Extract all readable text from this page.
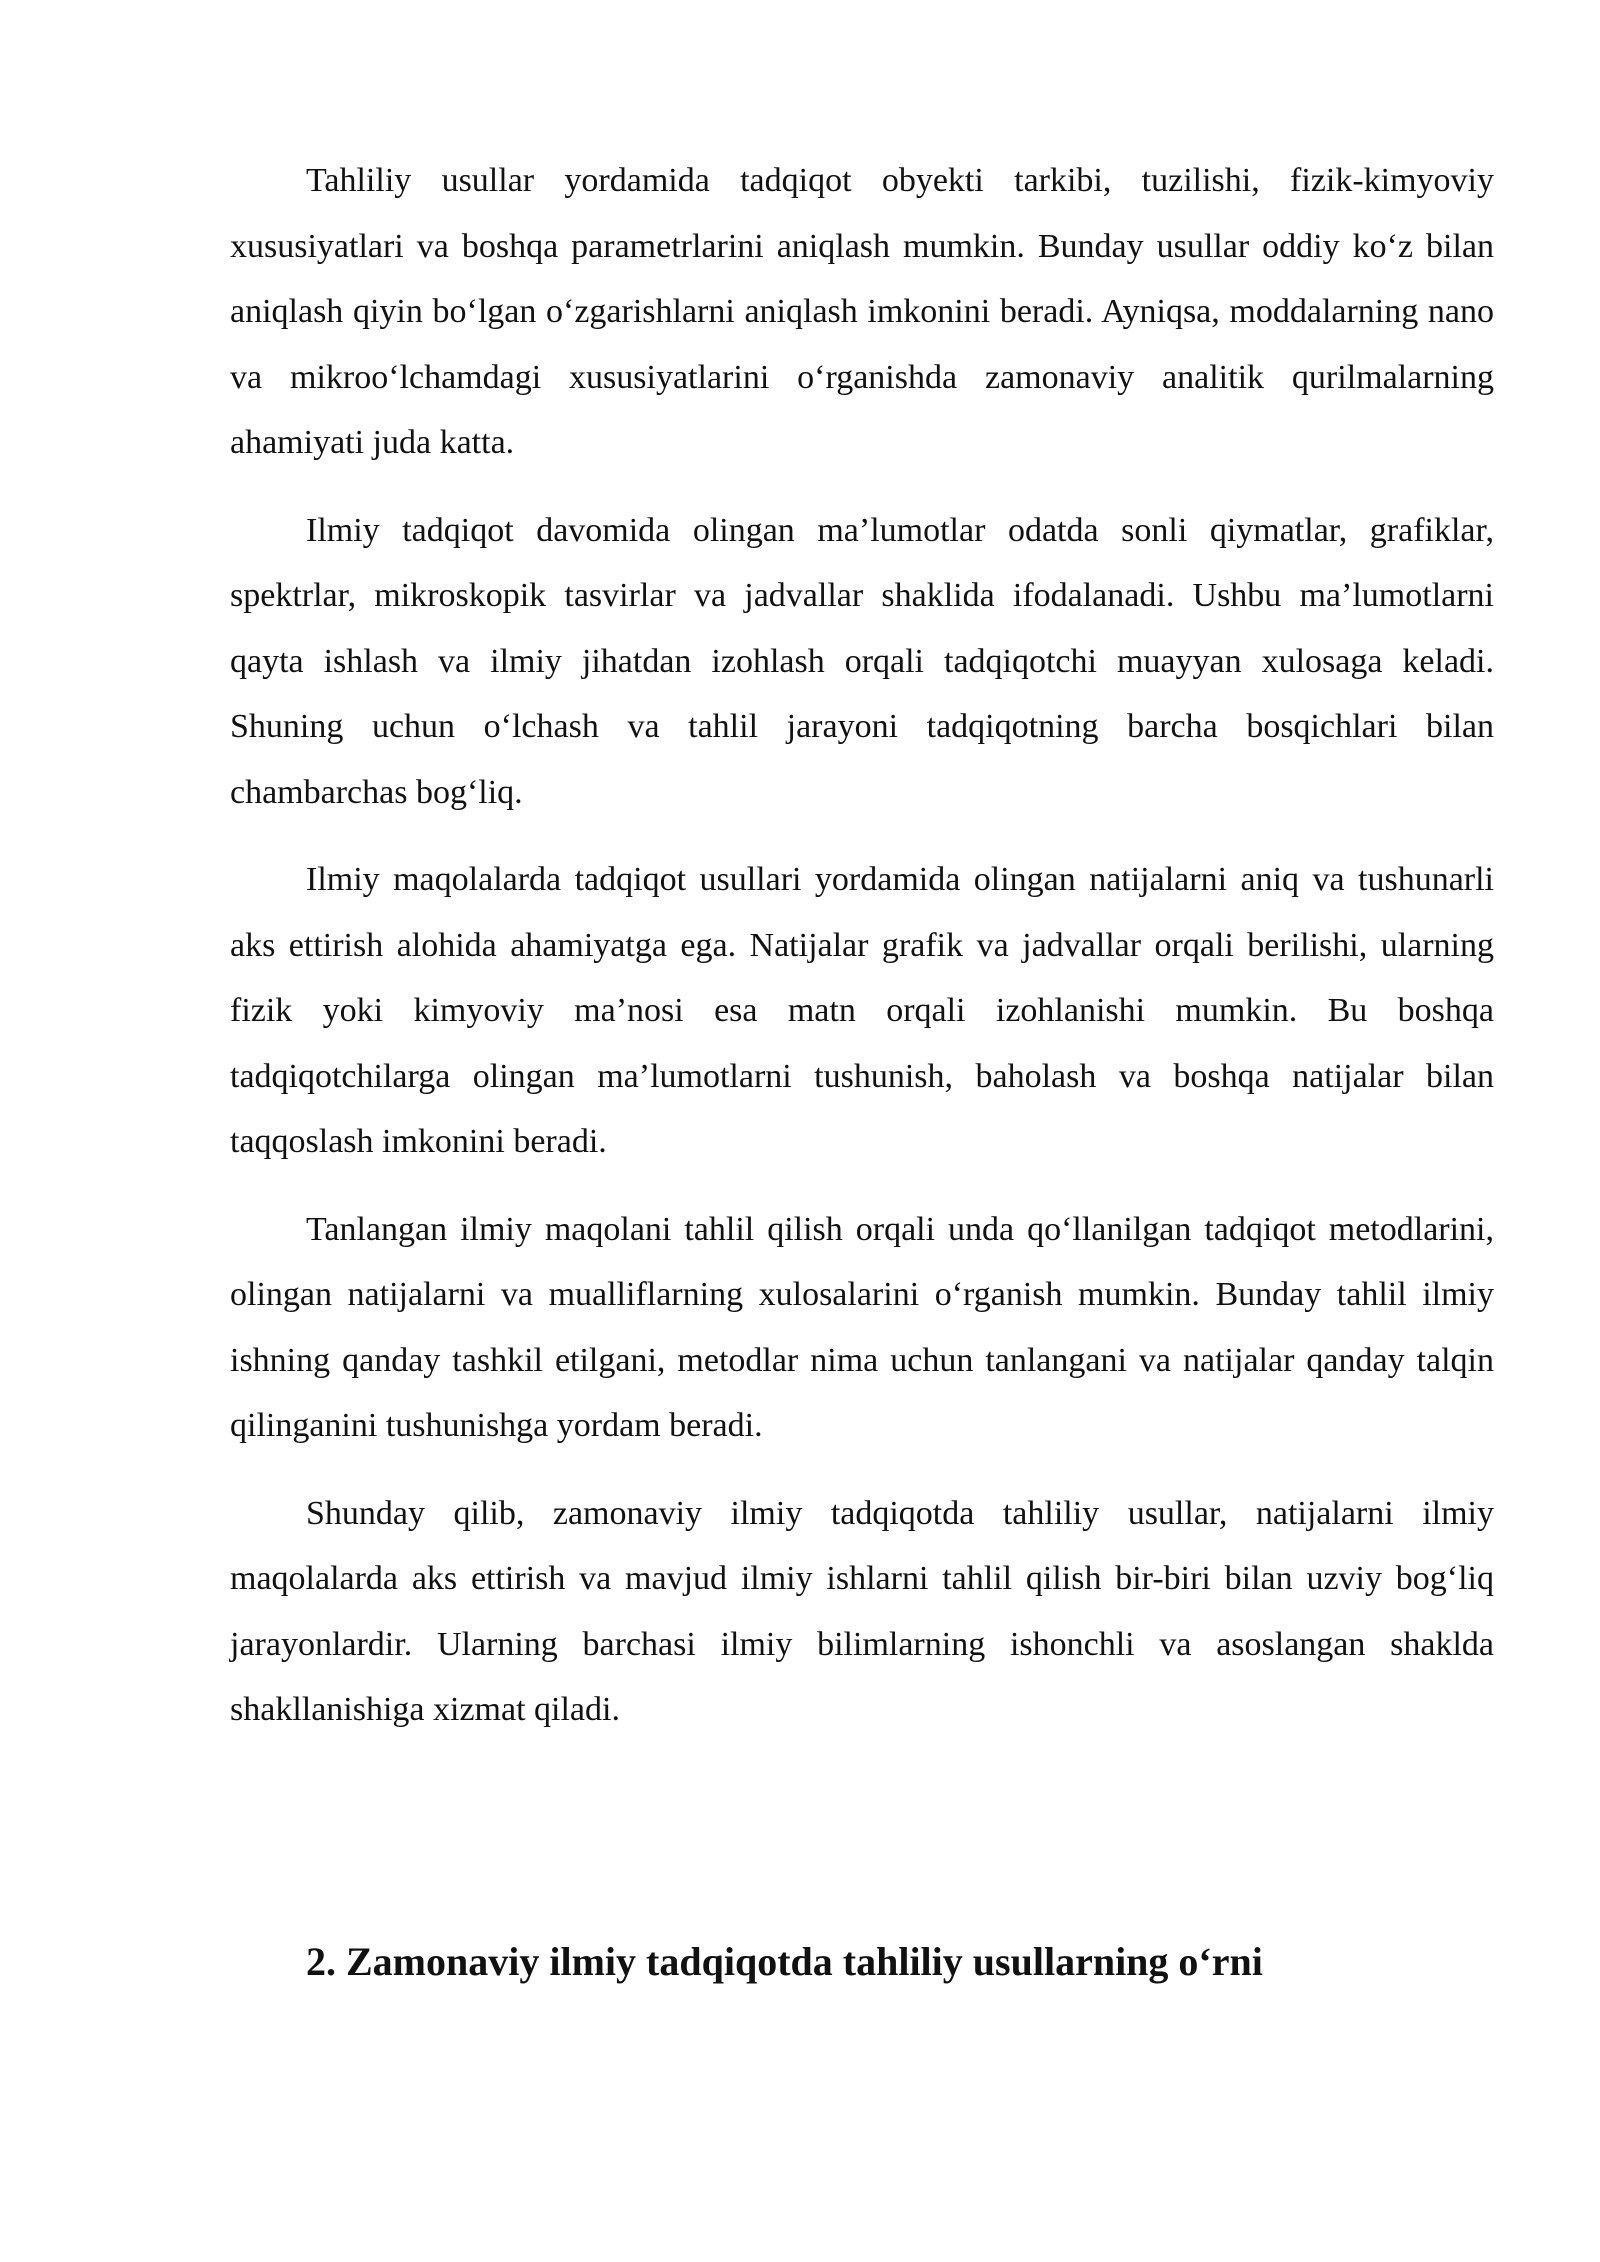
Tahliliy usullar yordamida tadqiqot obyekti tarkibi, tuzilishi, fizik-kimyoviy xususiyatlari va boshqa parametrlarini aniqlash mumkin. Bunday usullar oddiy koʻz bilan aniqlash qiyin boʻlgan oʻzgarishlarni aniqlash imkonini beradi. Ayniqsa, moddalarning nano va mikrooʻlchamdagi xususiyatlarini oʻrganishda zamonaviy analitik qurilmalarning ahamiyati juda katta.

Ilmiy tadqiqot davomida olingan ma’lumotlar odatda sonli qiymatlar, grafiklar, spektrlar, mikroskopik tasvirlar va jadvallar shaklida ifodalanadi. Ushbu ma’lumotlarni qayta ishlash va ilmiy jihatdan izohlash orqali tadqiqotchi muayyan xulosaga keladi. Shuning uchun oʻlchash va tahlil jarayoni tadqiqotning barcha bosqichlari bilan chambarchas bogʻliq.

Ilmiy maqolalarda tadqiqot usullari yordamida olingan natijalarni aniq va tushunarli aks ettirish alohida ahamiyatga ega. Natijalar grafik va jadvallar orqali berilishi, ularning fizik yoki kimyoviy ma’nosi esa matn orqali izohlanishi mumkin. Bu boshqa tadqiqotchilarga olingan ma’lumotlarni tushunish, baholash va boshqa natijalar bilan taqqoslash imkonini beradi.

Tanlangan ilmiy maqolani tahlil qilish orqali unda qoʻllanilgan tadqiqot metodlarini, olingan natijalarni va mualliflarning xulosalarini oʻrganish mumkin. Bunday tahlil ilmiy ishning qanday tashkil etilgani, metodlar nima uchun tanlangani va natijalar qanday talqin qilinganini tushunishga yordam beradi.

Shunday qilib, zamonaviy ilmiy tadqiqotda tahliliy usullar, natijalarni ilmiy maqolalarda aks ettirish va mavjud ilmiy ishlarni tahlil qilish bir-biri bilan uzviy bogʻliq jarayonlardir. Ularning barchasi ilmiy bilimlarning ishonchli va asoslangan shaklda shakllanishiga xizmat qiladi.

2. Zamonaviy ilmiy tadqiqotda tahliliy usullarning oʻrni
